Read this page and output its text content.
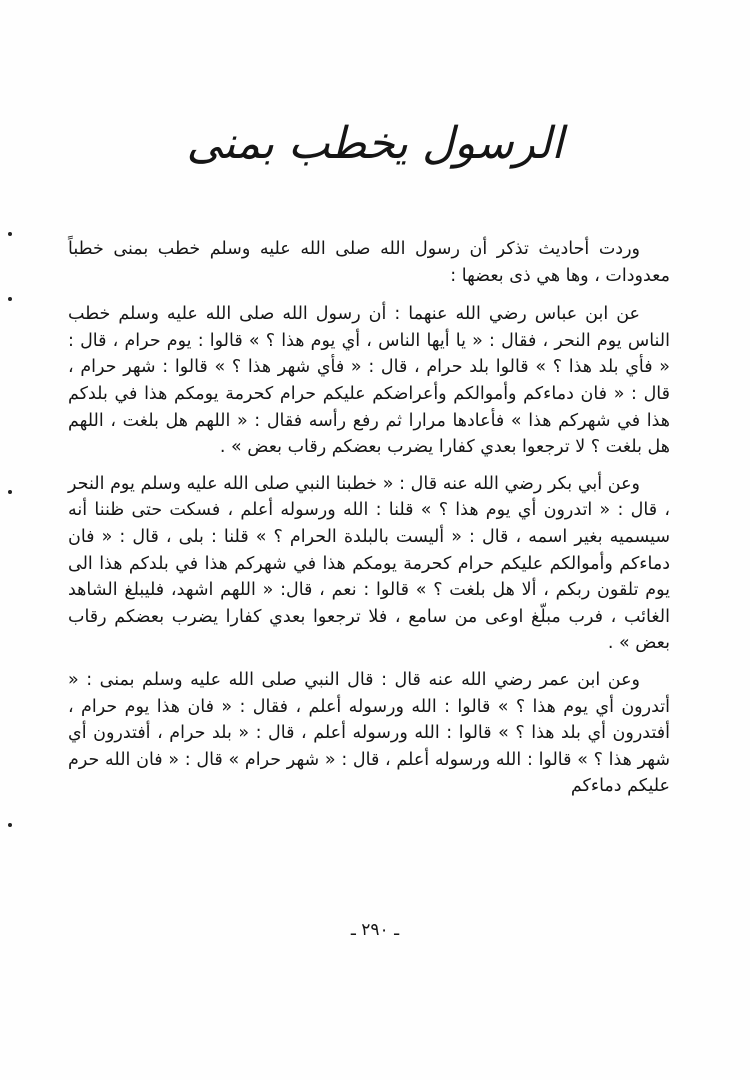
الرسول يخطب بمنى

وردت أحاديث تذكر أن رسول الله صلى الله عليه وسلم خطب بمنى خطباً معدودات ، وها هي ذى بعضها :

عن ابن عباس رضي الله عنهما : أن رسول الله صلى الله عليه وسلم خطب الناس يوم النحر ، فقال : « يا أيها الناس ، أي يوم هذا ؟ » قالوا : يوم حرام ، قال : « فأي بلد هذا ؟ » قالوا بلد حرام ، قال : « فأي شهر هذا ؟ » قالوا : شهر حرام ، قال : « فان دماءكم وأموالكم وأعراضكم عليكم حرام كحرمة يومكم هذا في بلدكم هذا في شهركم هذا » فأعادها مرارا ثم رفع رأسه فقال : « اللهم هل بلغت ، اللهم هل بلغت ؟ لا ترجعوا بعدي كفارا يضرب بعضكم رقاب بعض » .

وعن أبي بكر رضي الله عنه قال : « خطبنا النبي صلى الله عليه وسلم يوم النحر ، قال : « اتدرون أي يوم هذا ؟ » قلنا : الله ورسوله أعلم ، فسكت حتى ظننا أنه سيسميه بغير اسمه ، قال : « أليست بالبلدة الحرام ؟ » قلنا : بلى ، قال : « فان دماءكم وأموالكم عليكم حرام كحرمة يومكم هذا في شهركم هذا في بلدكم هذا الى يوم تلقون ربكم ، ألا هل بلغت ؟ » قالوا : نعم ، قال: « اللهم اشهد، فليبلغ الشاهد الغائب ، فرب مبلّغ اوعى من سامع ، فلا ترجعوا بعدي كفارا يضرب بعضكم رقاب بعض » .

وعن ابن عمر رضي الله عنه قال : قال النبي صلى الله عليه وسلم بمنى : « أتدرون أي يوم هذا ؟ » قالوا : الله ورسوله أعلم ، فقال : « فان هذا يوم حرام ، أفتدرون أي بلد هذا ؟ » قالوا : الله ورسوله أعلم ، قال : « بلد حرام ، أفتدرون أي شهر هذا ؟ » قالوا : الله ورسوله أعلم ، قال : « شهر حرام » قال : « فان الله حرم عليكم دماءكم

ـ ٢٩٠ ـ
